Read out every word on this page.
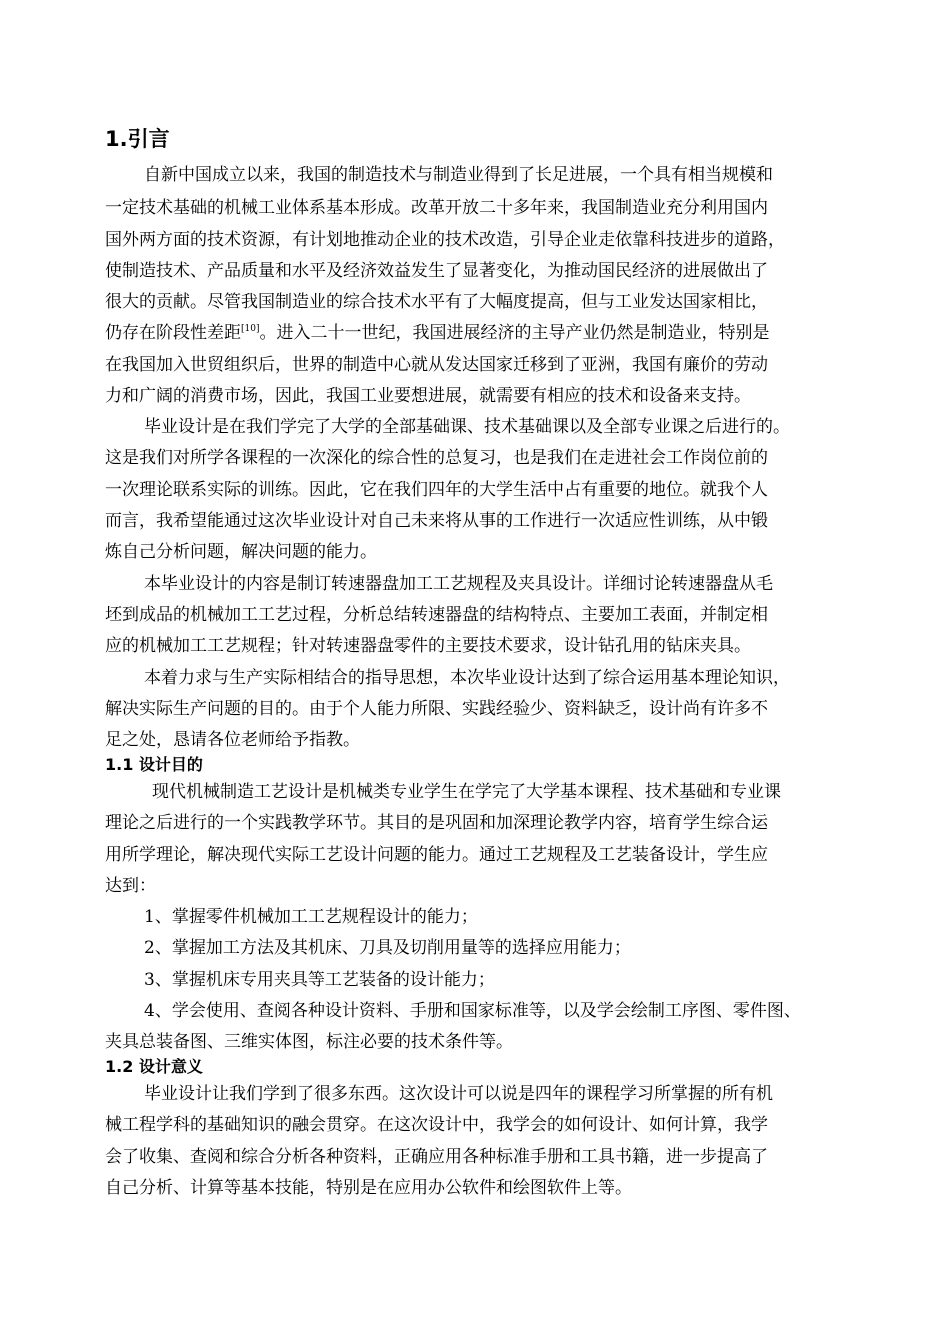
1.引言

自新中国成立以来，我国的制造技术与制造业得到了长足进展，一个具有相当规模和

一定技术基础的机械工业体系基本形成。改革开放二十多年来，我国制造业充分利用国内

国外两方面的技术资源，有计划地推动企业的技术改造，引导企业走依靠科技进步的道路，

使制造技术、产品质量和水平及经济效益发生了显著变化，为推动国民经济的进展做出了

很大的贡献。尽管我国制造业的综合技术水平有了大幅度提高，但与工业发达国家相比，

仍存在阶段性差距[10]。进入二十一世纪，我国进展经济的主导产业仍然是制造业，特别是

在我国加入世贸组织后，世界的制造中心就从发达国家迁移到了亚洲，我国有廉价的劳动

力和广阔的消费市场，因此，我国工业要想进展，就需要有相应的技术和设备来支持。

毕业设计是在我们学完了大学的全部基础课、技术基础课以及全部专业课之后进行的。

这是我们对所学各课程的一次深化的综合性的总复习，也是我们在走进社会工作岗位前的

一次理论联系实际的训练。因此，它在我们四年的大学生活中占有重要的地位。就我个人

而言，我希望能通过这次毕业设计对自己未来将从事的工作进行一次适应性训练，从中锻

炼自己分析问题，解决问题的能力。

本毕业设计的内容是制订转速器盘加工工艺规程及夹具设计。详细讨论转速器盘从毛

坯到成品的机械加工工艺过程，分析总结转速器盘的结构特点、主要加工表面，并制定相

应的机械加工工艺规程；针对转速器盘零件的主要技术要求，设计钻孔用的钻床夹具。

本着力求与生产实际相结合的指导思想，本次毕业设计达到了综合运用基本理论知识，

解决实际生产问题的目的。由于个人能力所限、实践经验少、资料缺乏，设计尚有许多不

足之处，恳请各位老师给予指教。

1.1 设计目的

现代机械制造工艺设计是机械类专业学生在学完了大学基本课程、技术基础和专业课

理论之后进行的一个实践教学环节。其目的是巩固和加深理论教学内容，培育学生综合运

用所学理论，解决现代实际工艺设计问题的能力。通过工艺规程及工艺装备设计，学生应

达到：

1、掌握零件机械加工工艺规程设计的能力；

2、掌握加工方法及其机床、刀具及切削用量等的选择应用能力；

3、掌握机床专用夹具等工艺装备的设计能力；

4、学会使用、查阅各种设计资料、手册和国家标准等，以及学会绘制工序图、零件图、

夹具总装备图、三维实体图，标注必要的技术条件等。

1.2 设计意义

毕业设计让我们学到了很多东西。这次设计可以说是四年的课程学习所掌握的所有机

械工程学科的基础知识的融会贯穿。在这次设计中，我学会的如何设计、如何计算，我学

会了收集、查阅和综合分析各种资料，正确应用各种标准手册和工具书籍，进一步提高了

自己分析、计算等基本技能，特别是在应用办公软件和绘图软件上等。
